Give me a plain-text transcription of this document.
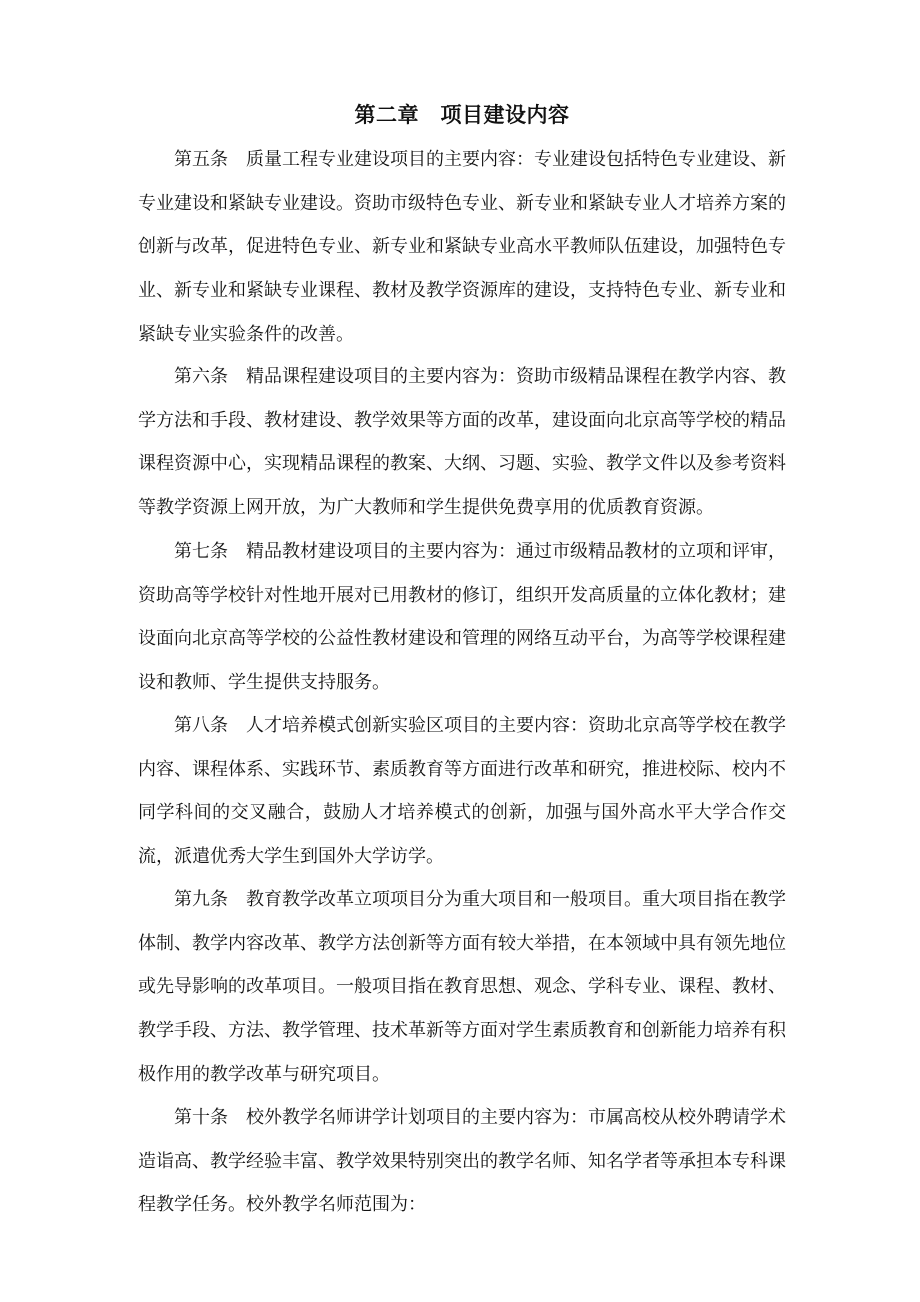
第二章　项目建设内容

第五条　质量工程专业建设项目的主要内容：专业建设包括特色专业建设、新专业建设和紧缺专业建设。资助市级特色专业、新专业和紧缺专业人才培养方案的创新与改革，促进特色专业、新专业和紧缺专业高水平教师队伍建设，加强特色专业、新专业和紧缺专业课程、教材及教学资源库的建设，支持特色专业、新专业和紧缺专业实验条件的改善。

第六条　精品课程建设项目的主要内容为：资助市级精品课程在教学内容、教学方法和手段、教材建设、教学效果等方面的改革，建设面向北京高等学校的精品课程资源中心，实现精品课程的教案、大纲、习题、实验、教学文件以及参考资料等教学资源上网开放，为广大教师和学生提供免费享用的优质教育资源。

第七条　精品教材建设项目的主要内容为：通过市级精品教材的立项和评审，资助高等学校针对性地开展对已用教材的修订，组织开发高质量的立体化教材；建设面向北京高等学校的公益性教材建设和管理的网络互动平台，为高等学校课程建设和教师、学生提供支持服务。

第八条　人才培养模式创新实验区项目的主要内容：资助北京高等学校在教学内容、课程体系、实践环节、素质教育等方面进行改革和研究，推进校际、校内不同学科间的交叉融合，鼓励人才培养模式的创新，加强与国外高水平大学合作交流，派遣优秀大学生到国外大学访学。

第九条　教育教学改革立项项目分为重大项目和一般项目。重大项目指在教学体制、教学内容改革、教学方法创新等方面有较大举措，在本领域中具有领先地位或先导影响的改革项目。一般项目指在教育思想、观念、学科专业、课程、教材、教学手段、方法、教学管理、技术革新等方面对学生素质教育和创新能力培养有积极作用的教学改革与研究项目。

第十条　校外教学名师讲学计划项目的主要内容为：市属高校从校外聘请学术造诣高、教学经验丰富、教学效果特别突出的教学名师、知名学者等承担本专科课程教学任务。校外教学名师范围为：
